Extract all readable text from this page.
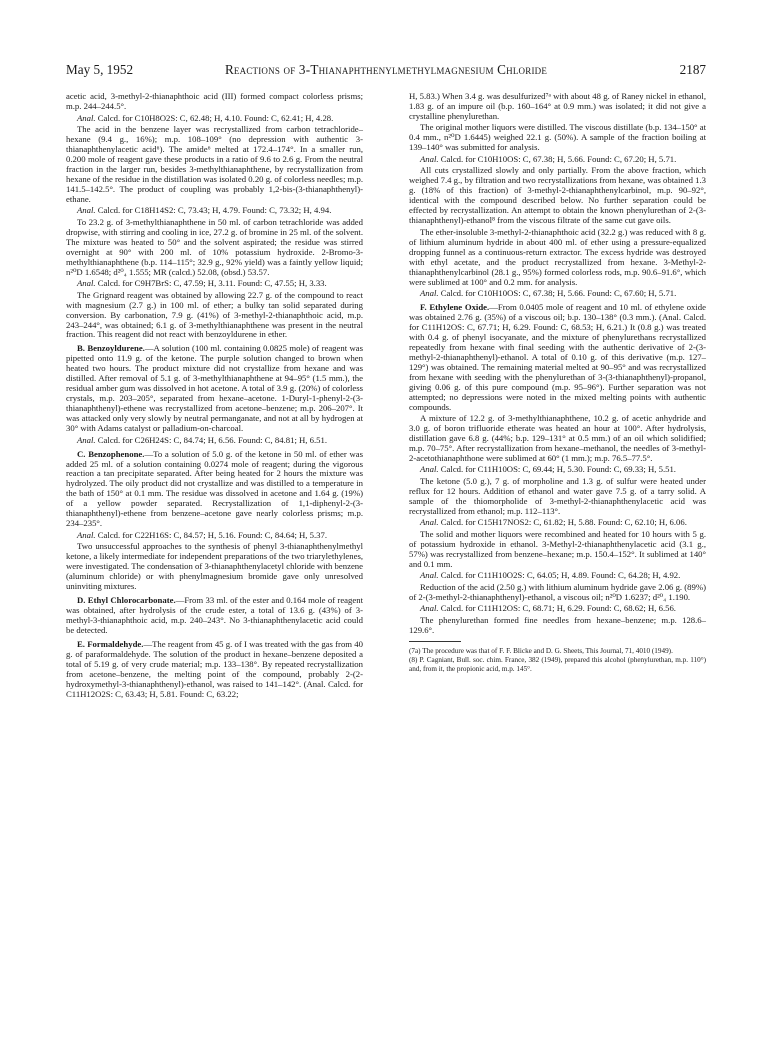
May 5, 1952	Reactions of 3-Thianaphthenylmethylmagnesium Chloride	2187

acetic acid, 3-methyl-2-thianaphthoic acid (III) formed compact colorless prisms; m.p. 244–244.5°.

Anal. Calcd. for C10H8O2S: C, 62.48; H, 4.10. Found: C, 62.41; H, 4.28.

The acid in the benzene layer was recrystallized from carbon tetrachloride–hexane (9.4 g., 16%); m.p. 108–109° (no depression with authentic 3-thianaphthenylacetic acid⁶). The amide⁶ melted at 172.4–174°. In a smaller run, 0.200 mole of reagent gave these products in a ratio of 9.6 to 2.6 g. From the neutral fraction in the larger run, besides 3-methylthianaphthene, by recrystallization from hexane of the residue in the distillation was isolated 0.20 g. of colorless needles; m.p. 141.5–142.5°. The product of coupling was probably 1,2-bis-(3-thianaphthenyl)-ethane.

Anal. Calcd. for C18H14S2: C, 73.43; H, 4.79. Found: C, 73.32; H, 4.94.

To 23.2 g. of 3-methylthianaphthene in 50 ml. of carbon tetrachloride was added dropwise, with stirring and cooling in ice, 27.2 g. of bromine in 25 ml. of the solvent. The mixture was heated to 50° and the solvent aspirated; the residue was stirred overnight at 90° with 200 ml. of 10% potassium hydroxide. 2-Bromo-3-methylthianaphthene (b.p. 114–115°; 32.9 g., 92% yield) was a faintly yellow liquid; n²⁰D 1.6548; d²⁰₄ 1.555; MR (calcd.) 52.08, (obsd.) 53.57.

Anal. Calcd. for C9H7BrS: C, 47.59; H, 3.11. Found: C, 47.55; H, 3.33.

The Grignard reagent was obtained by allowing 22.7 g. of the compound to react with magnesium (2.7 g.) in 100 ml. of ether; a bulky tan solid separated during conversion. By carbonation, 7.9 g. (41%) of 3-methyl-2-thianaphthoic acid, m.p. 243–244°, was obtained; 6.1 g. of 3-methylthianaphthene was present in the neutral fraction. This reagent did not react with benzoyldurene in ether.

B. Benzoyldurene.—A solution (100 ml. containing 0.0825 mole) of reagent was pipetted onto 11.9 g. of the ketone. The purple solution changed to brown when heated two hours. The product mixture did not crystallize from hexane and was distilled. After removal of 5.1 g. of 3-methylthianaphthene at 94–95° (1.5 mm.), the residual amber gum was dissolved in hot acetone. A total of 3.9 g. (20%) of colorless crystals, m.p. 203–205°, separated from hexane–acetone. 1-Duryl-1-phenyl-2-(3-thianaphthenyl)-ethene was recrystallized from acetone–benzene; m.p. 206–207°. It was attacked only very slowly by neutral permanganate, and not at all by hydrogen at 30° with Adams catalyst or palladium-on-charcoal.

Anal. Calcd. for C26H24S: C, 84.74; H, 6.56. Found: C, 84.81; H, 6.51.

C. Benzophenone.—To a solution of 5.0 g. of the ketone in 50 ml. of ether was added 25 ml. of a solution containing 0.0274 mole of reagent; during the vigorous reaction a tan precipitate separated. After being heated for 2 hours the mixture was hydrolyzed. The oily product did not crystallize and was distilled to a temperature in the bath of 150° at 0.1 mm. The residue was dissolved in acetone and 1.64 g. (19%) of a yellow powder separated. Recrystallization of 1,1-diphenyl-2-(3-thianaphthenyl)-ethene from benzene–acetone gave nearly colorless prisms; m.p. 234–235°.

Anal. Calcd. for C22H16S: C, 84.57; H, 5.16. Found: C, 84.64; H, 5.37.

Two unsuccessful approaches to the synthesis of phenyl 3-thianaphthenylmethyl ketone, a likely intermediate for independent preparations of the two triarylethylenes, were investigated. The condensation of 3-thianaphthenylacetyl chloride with benzene (aluminum chloride) or with phenylmagnesium bromide gave only unresolved uninviting mixtures.

D. Ethyl Chlorocarbonate.—From 33 ml. of the ester and 0.164 mole of reagent was obtained, after hydrolysis of the crude ester, a total of 13.6 g. (43%) of 3-methyl-3-thianaphthoic acid, m.p. 240–243°. No 3-thianaphthenylacetic acid could be detected.

E. Formaldehyde.—The reagent from 45 g. of I was treated with the gas from 40 g. of paraformaldehyde. The solution of the product in hexane–benzene deposited a total of 5.19 g. of very crude material; m.p. 133–138°. By repeated recrystallization from acetone–benzene, the melting point of the compound, probably 2-(2-hydroxymethyl-3-thianaphthenyl)-ethanol, was raised to 141–142°. (Anal. Calcd. for C11H12O2S: C, 63.43; H, 5.81. Found: C, 63.22;

H, 5.83.) When 3.4 g. was desulfurized⁷ᵃ with about 48 g. of Raney nickel in ethanol, 1.83 g. of an impure oil (b.p. 160–164° at 0.9 mm.) was isolated; it did not give a crystalline phenylurethan.

The original mother liquors were distilled. The viscous distillate (b.p. 134–150° at 0.4 mm., n²⁰D 1.6445) weighed 22.1 g. (50%). A sample of the fraction boiling at 139–140° was submitted for analysis.

Anal. Calcd. for C10H10OS: C, 67.38; H, 5.66. Found: C, 67.20; H, 5.71.

All cuts crystallized slowly and only partially. From the above fraction, which weighed 7.4 g., by filtration and two recrystallizations from hexane, was obtained 1.3 g. (18% of this fraction) of 3-methyl-2-thianaphthenylcarbinol, m.p. 90–92°, identical with the compound described below. No further separation could be effected by recrystallization. An attempt to obtain the known phenylurethan of 2-(3-thianaphthenyl)-ethanol⁸ from the viscous filtrate of the same cut gave oils.

The ether-insoluble 3-methyl-2-thianaphthoic acid (32.2 g.) was reduced with 8 g. of lithium aluminum hydride in about 400 ml. of ether using a pressure-equalized dropping funnel as a continuous-return extractor. The excess hydride was destroyed with ethyl acetate, and the product recrystallized from hexane. 3-Methyl-2-thianaphthenylcarbinol (28.1 g., 95%) formed colorless rods, m.p. 90.6–91.6°, which were sublimed at 100° and 0.2 mm. for analysis.

Anal. Calcd. for C10H10OS: C, 67.38; H, 5.66. Found: C, 67.60; H, 5.71.

F. Ethylene Oxide.—From 0.0405 mole of reagent and 10 ml. of ethylene oxide was obtained 2.76 g. (35%) of a viscous oil; b.p. 130–138° (0.3 mm.). (Anal. Calcd. for C11H12OS: C, 67.71; H, 6.29. Found: C, 68.53; H, 6.21.) It (0.8 g.) was treated with 0.4 g. of phenyl isocyanate, and the mixture of phenylurethans recrystallized repeatedly from hexane with final seeding with the authentic derivative of 2-(3-methyl-2-thianaphthenyl)-ethanol. A total of 0.10 g. of this derivative (m.p. 127–129°) was obtained. The remaining material melted at 90–95° and was recrystallized from hexane with seeding with the phenylurethan of 3-(3-thianaphthenyl)-propanol, giving 0.06 g. of this pure compound (m.p. 95–96°). Further separation was not attempted; no depressions were noted in the mixed melting points with authentic compounds.

A mixture of 12.2 g. of 3-methylthianaphthene, 10.2 g. of acetic anhydride and 3.0 g. of boron trifluoride etherate was heated an hour at 100°. After hydrolysis, distillation gave 6.8 g. (44%; b.p. 129–131° at 0.5 mm.) of an oil which solidified; m.p. 70–75°. After recrystallization from hexane–methanol, the needles of 3-methyl-2-acetothianaphthone were sublimed at 60° (1 mm.); m.p. 76.5–77.5°.

Anal. Calcd. for C11H10OS: C, 69.44; H, 5.30. Found: C, 69.33; H, 5.51.

The ketone (5.0 g.), 7 g. of morpholine and 1.3 g. of sulfur were heated under reflux for 12 hours. Addition of ethanol and water gave 7.5 g. of a tarry solid. A sample of the thiomorpholide of 3-methyl-2-thianaphthenylacetic acid was recrystallized from ethanol; m.p. 112–113°.

Anal. Calcd. for C15H17NOS2: C, 61.82; H, 5.88. Found: C, 62.10; H, 6.06.

The solid and mother liquors were recombined and heated for 10 hours with 5 g. of potassium hydroxide in ethanol. 3-Methyl-2-thianaphthenylacetic acid (3.1 g., 57%) was recrystallized from benzene–hexane; m.p. 150.4–152°. It sublimed at 140° and 0.1 mm.

Anal. Calcd. for C11H10O2S: C, 64.05; H, 4.89. Found: C, 64.28; H, 4.92.

Reduction of the acid (2.50 g.) with lithium aluminum hydride gave 2.06 g. (89%) of 2-(3-methyl-2-thianaphthenyl)-ethanol, a viscous oil; n²⁰D 1.6237; d²⁰₄ 1.190.

Anal. Calcd. for C11H12OS: C, 68.71; H, 6.29. Found: C, 68.62; H, 6.56.

The phenylurethan formed fine needles from hexane–benzene; m.p. 128.6–129.6°.

(7a) The procedure was that of F. F. Blicke and D. G. Sheets, This Journal, 71, 4010 (1949).

(8) P. Cagniant, Bull. soc. chim. France, 382 (1949), prepared this alcohol (phenylurethan, m.p. 110°) and, from it, the propionic acid, m.p. 145°.
